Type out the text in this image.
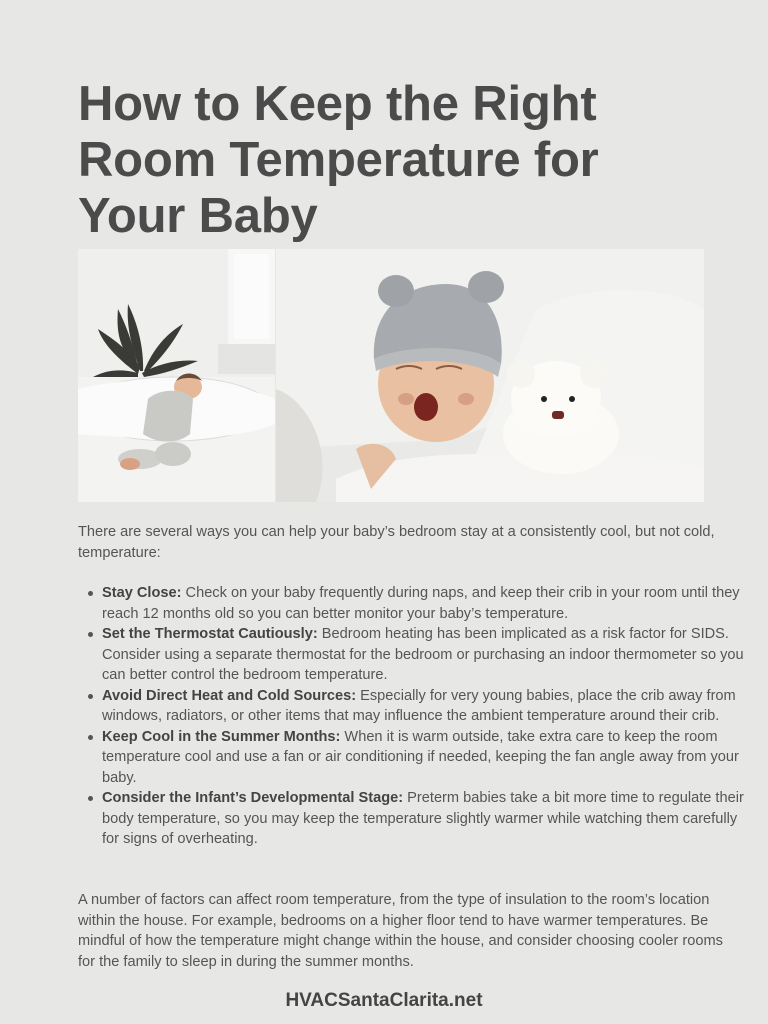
How to Keep the Right Room Temperature for Your Baby

There are several ways you can help your baby’s bedroom stay at a consistently cool, but not cold, temperature:

Stay Close: Check on your baby frequently during naps, and keep their crib in your room until they reach 12 months old so you can better monitor your baby’s temperature.
Set the Thermostat Cautiously: Bedroom heating has been implicated as a risk factor for SIDS. Consider using a separate thermostat for the bedroom or purchasing an indoor thermometer so you can better control the bedroom temperature.
Avoid Direct Heat and Cold Sources: Especially for very young babies, place the crib away from windows, radiators, or other items that may influence the ambient temperature around their crib.
Keep Cool in the Summer Months: When it is warm outside, take extra care to keep the room temperature cool and use a fan or air conditioning if needed, keeping the fan angle away from your baby.
Consider the Infant’s Developmental Stage: Preterm babies take a bit more time to regulate their body temperature, so you may keep the temperature slightly warmer while watching them carefully for signs of overheating.

A number of factors can affect room temperature, from the type of insulation to the room’s location within the house. For example, bedrooms on a higher floor tend to have warmer temperatures. Be mindful of how the temperature might change within the house, and consider choosing cooler rooms for the family to sleep in during the summer months.

HVACSantaClarita.net
